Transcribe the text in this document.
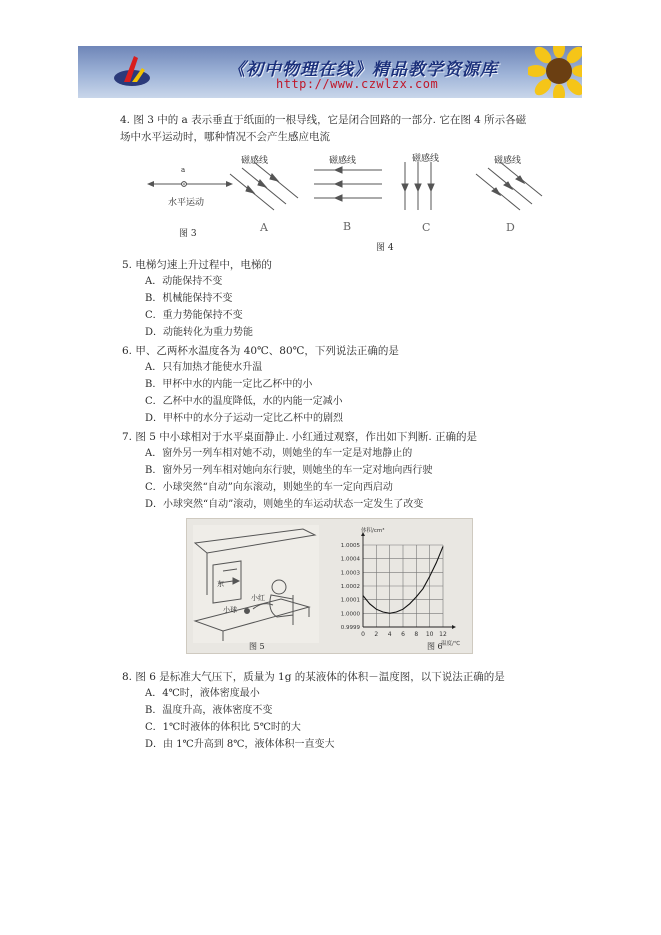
《初中物理在线》精品教学资源库
http://www.czwlzx.com
4. 图 3 中的 a 表示垂直于纸面的一根导线，它是闭合回路的一部分. 它在图 4 所示各磁
场中水平运动时，哪种情况不会产生感应电流
a
水平运动
图 3
磁感线	磁感线	磁感线	磁感线
A	B	C	D
图 4
5. 电梯匀速上升过程中，电梯的
A．动能保持不变
B．机械能保持不变
C．重力势能保持不变
D．动能转化为重力势能
6. 甲、乙两杯水温度各为 40℃、80℃，下列说法正确的是
A．只有加热才能使水升温
B．甲杯中水的内能一定比乙杯中的小
C．乙杯中水的温度降低，水的内能一定减小
D．甲杯中的水分子运动一定比乙杯中的剧烈
7. 图 5 中小球相对于水平桌面静止. 小红通过观察，作出如下判断. 正确的是
A．窗外另一列车相对她不动，则她坐的车一定是对地静止的
B．窗外另一列车相对她向东行驶，则她坐的车一定对地向西行驶
C．小球突然“自动”向东滚动，则她坐的车一定向西启动
D．小球突然“自动”滚动，则她坐的车运动状态一定发生了改变
东
小球
小红
图 5
0 2 4 6 8 10 12
0.9999
1.0000
1.0001
1.0002
1.0003
1.0004
1.0005
体积/cm³
温度/℃
图 6
8. 图 6 是标准大气压下，质量为 1g 的某液体的体积－温度图，以下说法正确的是
A．4℃时，液体密度最小
B．温度升高，液体密度不变
C．1℃时液体的体积比 5℃时的大
D．由 1℃升高到 8℃，液体体积一直变大
